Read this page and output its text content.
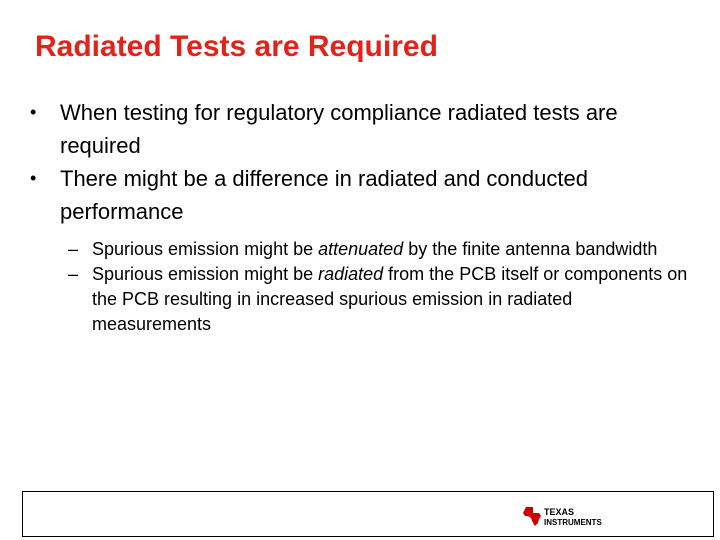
Radiated Tests are Required

• When testing for regulatory compliance radiated tests are required

• There might be a difference in radiated and conducted performance

– Spurious emission might be attenuated by the finite antenna bandwidth

– Spurious emission might be radiated from the PCB itself or components on the PCB resulting in increased spurious emission in radiated measurements

TEXAS
INSTRUMENTS
